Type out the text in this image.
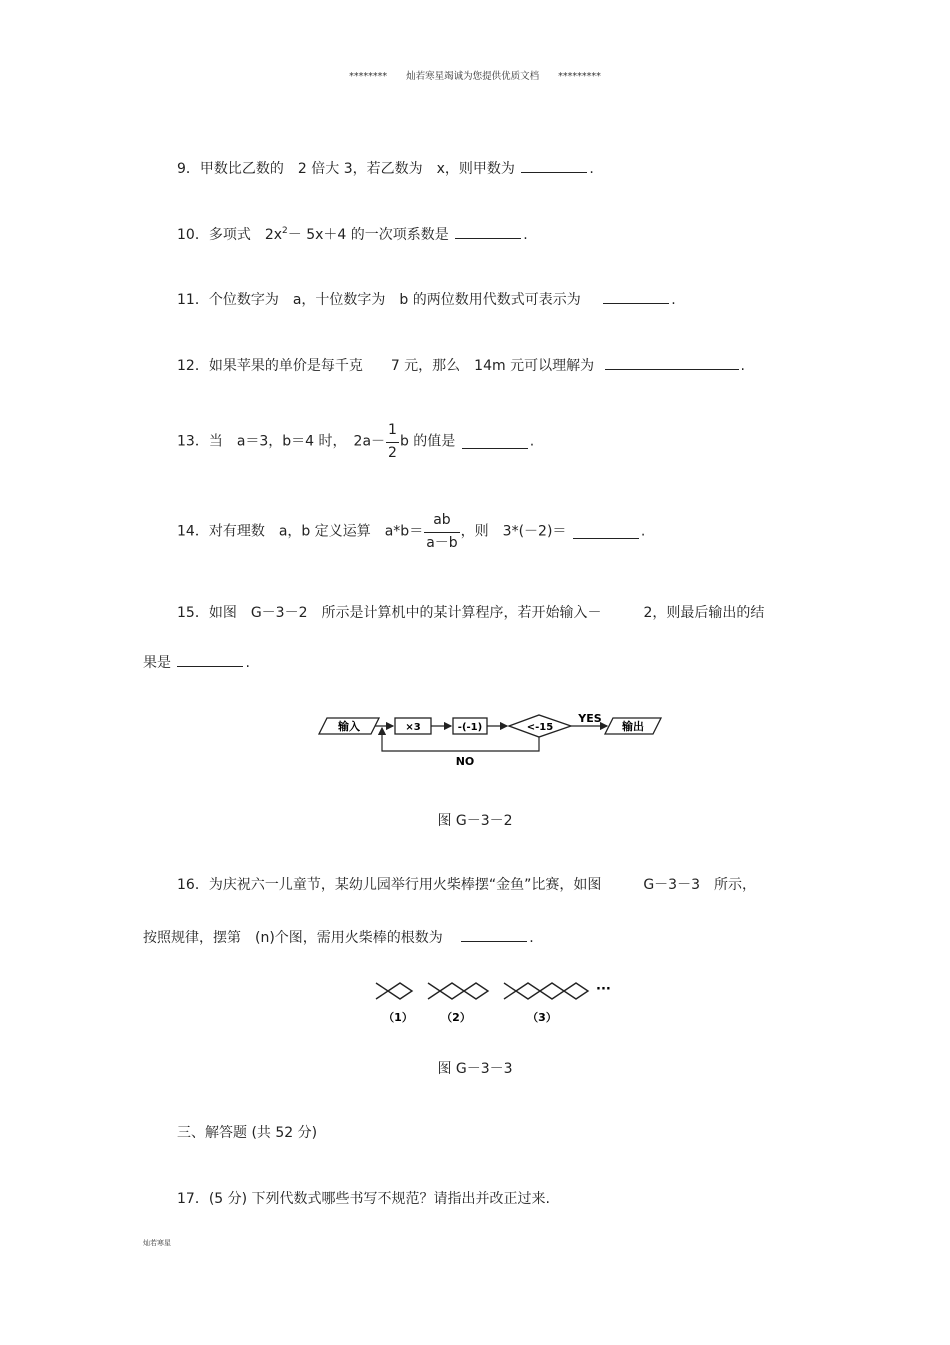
******** 灿若寒星竭诚为您提供优质文档 *********
9．甲数比乙数的　2 倍大 3，若乙数为　x，则甲数为	.
10．多项式　$2x^2- 5x+4$ 的一次项系数是	.
11．个位数字为　a，十位数字为　b 的两位数用代数式可表示为	.
12．如果苹果的单价是每千克　　7 元，那么　14m 元可以理解为	.
13．当　a＝3，b＝4 时，　$2a- \frac{1}{2}$ b 的值是	.
14．对有理数　a，b 定义运算　$a*b= \frac{ab}{a-b}$ ，则　3*(－2)＝	.
15．如图　G－3－2　所示是计算机中的某计算程序，若开始输入－　　　2，则最后输出的结
果是	.
输入	×3	-(-1)	<-15
YES
输出
NO
图 G－3－2
16．为庆祝六一儿童节，某幼儿园举行用火柴棒摆“金鱼”比赛，如图　　　G－3－3　所示，
按照规律，摆第　(n)个图，需用火柴棒的根数为	.
···
（1）	（2）	（3）
图 G－3－3
三、解答题 (共 52 分)
17．(5 分) 下列代数式哪些书写不规范？请指出并改正过来.
灿若寒星
